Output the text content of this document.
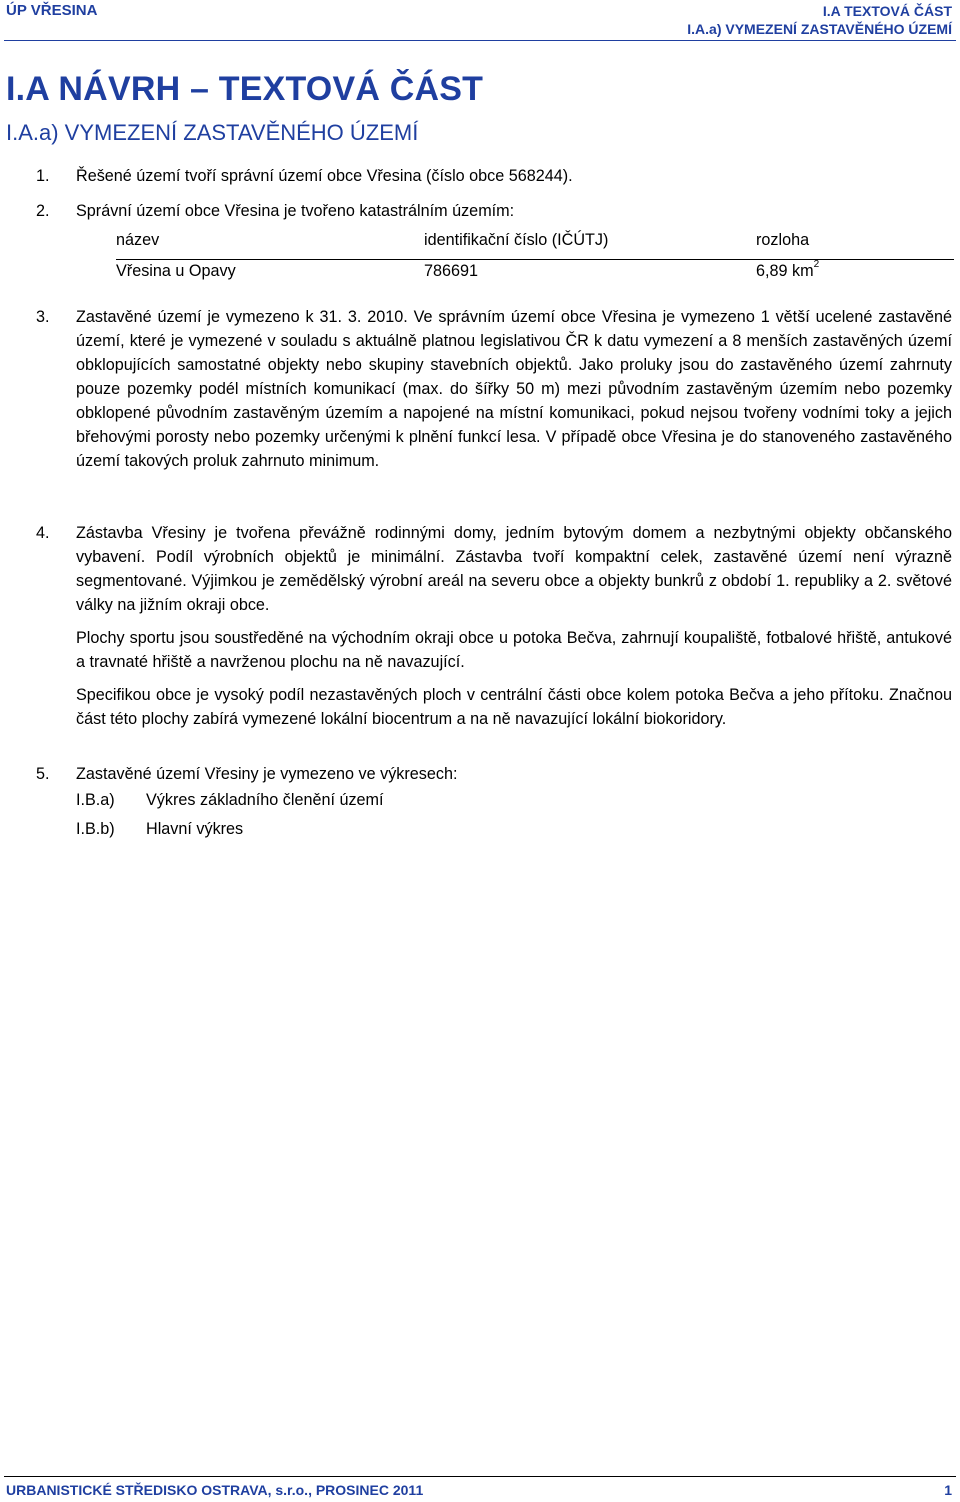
ÚP VŘESINA	I.A TEXTOVÁ ČÁST
I.A.a) VYMEZENÍ ZASTAVĚNÉHO ÚZEMÍ
I.A NÁVRH – TEXTOVÁ ČÁST
I.A.a) VYMEZENÍ ZASTAVĚNÉHO ÚZEMÍ
1. Řešené území tvoří správní území obce Vřesina (číslo obce 568244).
2. Správní území obce Vřesina je tvořeno katastrálním územím:
název	identifikační číslo (IČÚTJ)	rozloha
Vřesina u Opavy	786691	6,89 $km^2$
3. Zastavěné území je vymezeno k 31. 3. 2010. Ve správním území obce Vřesina je vymezeno 1 větší ucelené zastavěné území, které je vymezené v souladu s aktuálně platnou legislativou ČR k datu vymezení a 8 menších zastavěných území obklopujících samostatné objekty nebo skupiny stavebních objektů. Jako proluky jsou do zastavěného území zahrnuty pouze pozemky podél místních komunikací (max. do šířky 50 m) mezi původním zastavěným územím nebo pozemky obklopené původním zastavěným územím a napojené na místní komunikaci, pokud nejsou tvořeny vodními toky a jejich břehovými porosty nebo pozemky určenými k plnění funkcí lesa. V případě obce Vřesina je do stanoveného zastavěného území takových proluk zahrnuto minimum.
4. Zástavba Vřesiny je tvořena převážně rodinnými domy, jedním bytovým domem a nezbytnými objekty občanského vybavení. Podíl výrobních objektů je minimální. Zástavba tvoří kompaktní celek, zastavěné území není výrazně segmentované. Výjimkou je zemědělský výrobní areál na severu obce a objekty bunkrů z období 1. republiky a 2. světové války na jižním okraji obce.
Plochy sportu jsou soustředěné na východním okraji obce u potoka Bečva, zahrnují koupaliště, fotbalové hřiště, antukové a travnaté hřiště a navrženou plochu na ně navazující.
Specifikou obce je vysoký podíl nezastavěných ploch v centrální části obce kolem potoka Bečva a jeho přítoku. Značnou část této plochy zabírá vymezené lokální biocentrum a na ně navazující lokální biokoridory.
5. Zastavěné území Vřesiny je vymezeno ve výkresech:
I.B.a) Výkres základního členění území
I.B.b) Hlavní výkres
URBANISTICKÉ STŘEDISKO OSTRAVA, s.r.o., PROSINEC 2011	1
